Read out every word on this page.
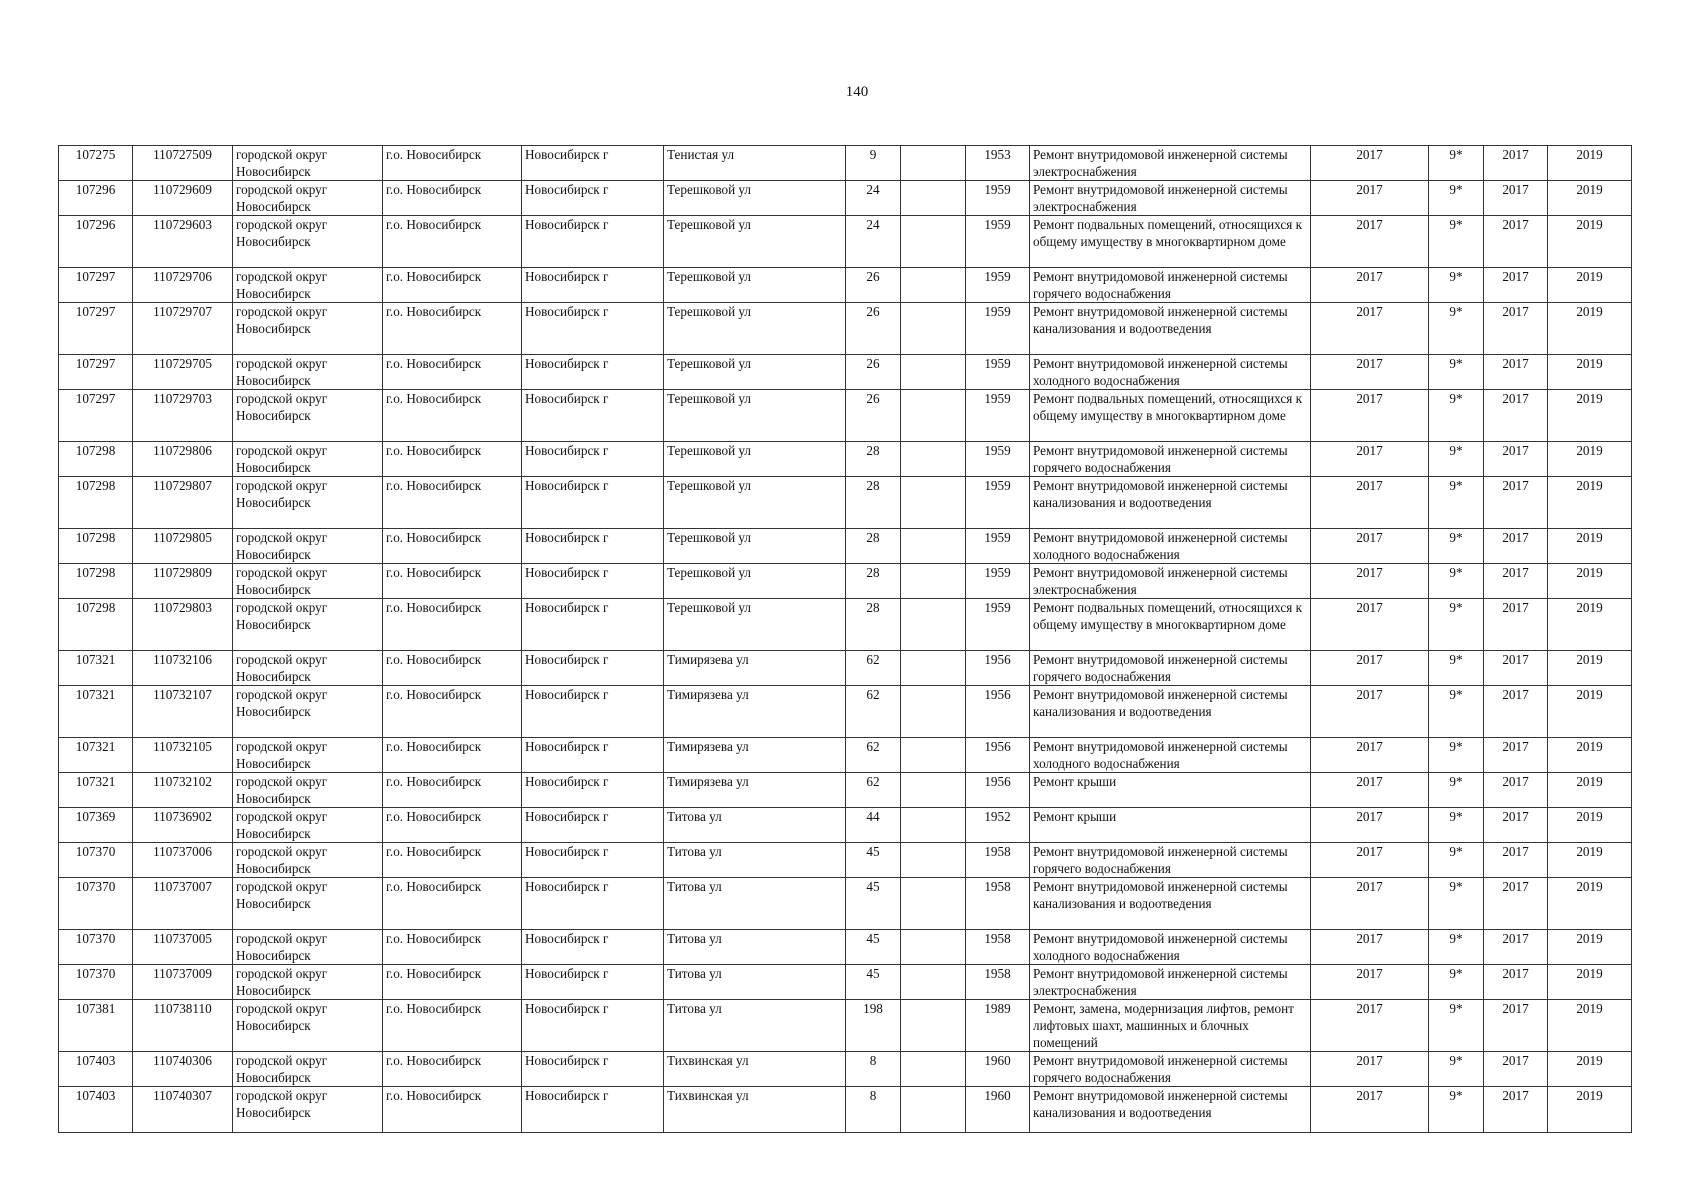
140
107275	110727509	городской округ Новосибирск	г.о. Новосибирск	Новосибирск г	Тенистая ул	9		1953	Ремонт внутридомовой инженерной системы электроснабжения	2017	9*	2017	2019
107296	110729609	городской округ Новосибирск	г.о. Новосибирск	Новосибирск г	Терешковой ул	24		1959	Ремонт внутридомовой инженерной системы электроснабжения	2017	9*	2017	2019
107296	110729603	городской округ Новосибирск	г.о. Новосибирск	Новосибирск г	Терешковой ул	24		1959	Ремонт подвальных помещений, относящихся к общему имуществу в многоквартирном доме	2017	9*	2017	2019
107297	110729706	городской округ Новосибирск	г.о. Новосибирск	Новосибирск г	Терешковой ул	26		1959	Ремонт внутридомовой инженерной системы горячего водоснабжения	2017	9*	2017	2019
107297	110729707	городской округ Новосибирск	г.о. Новосибирск	Новосибирск г	Терешковой ул	26		1959	Ремонт внутридомовой инженерной системы канализования и водоотведения	2017	9*	2017	2019
107297	110729705	городской округ Новосибирск	г.о. Новосибирск	Новосибирск г	Терешковой ул	26		1959	Ремонт внутридомовой инженерной системы холодного водоснабжения	2017	9*	2017	2019
107297	110729703	городской округ Новосибирск	г.о. Новосибирск	Новосибирск г	Терешковой ул	26		1959	Ремонт подвальных помещений, относящихся к общему имуществу в многоквартирном доме	2017	9*	2017	2019
107298	110729806	городской округ Новосибирск	г.о. Новосибирск	Новосибирск г	Терешковой ул	28		1959	Ремонт внутридомовой инженерной системы горячего водоснабжения	2017	9*	2017	2019
107298	110729807	городской округ Новосибирск	г.о. Новосибирск	Новосибирск г	Терешковой ул	28		1959	Ремонт внутридомовой инженерной системы канализования и водоотведения	2017	9*	2017	2019
107298	110729805	городской округ Новосибирск	г.о. Новосибирск	Новосибирск г	Терешковой ул	28		1959	Ремонт внутридомовой инженерной системы холодного водоснабжения	2017	9*	2017	2019
107298	110729809	городской округ Новосибирск	г.о. Новосибирск	Новосибирск г	Терешковой ул	28		1959	Ремонт внутридомовой инженерной системы электроснабжения	2017	9*	2017	2019
107298	110729803	городской округ Новосибирск	г.о. Новосибирск	Новосибирск г	Терешковой ул	28		1959	Ремонт подвальных помещений, относящихся к общему имуществу в многоквартирном доме	2017	9*	2017	2019
107321	110732106	городской округ Новосибирск	г.о. Новосибирск	Новосибирск г	Тимирязева ул	62		1956	Ремонт внутридомовой инженерной системы горячего водоснабжения	2017	9*	2017	2019
107321	110732107	городской округ Новосибирск	г.о. Новосибирск	Новосибирск г	Тимирязева ул	62		1956	Ремонт внутридомовой инженерной системы канализования и водоотведения	2017	9*	2017	2019
107321	110732105	городской округ Новосибирск	г.о. Новосибирск	Новосибирск г	Тимирязева ул	62		1956	Ремонт внутридомовой инженерной системы холодного водоснабжения	2017	9*	2017	2019
107321	110732102	городской округ Новосибирск	г.о. Новосибирск	Новосибирск г	Тимирязева ул	62		1956	Ремонт крыши	2017	9*	2017	2019
107369	110736902	городской округ Новосибирск	г.о. Новосибирск	Новосибирск г	Титова ул	44		1952	Ремонт крыши	2017	9*	2017	2019
107370	110737006	городской округ Новосибирск	г.о. Новосибирск	Новосибирск г	Титова ул	45		1958	Ремонт внутридомовой инженерной системы горячего водоснабжения	2017	9*	2017	2019
107370	110737007	городской округ Новосибирск	г.о. Новосибирск	Новосибирск г	Титова ул	45		1958	Ремонт внутридомовой инженерной системы канализования и водоотведения	2017	9*	2017	2019
107370	110737005	городской округ Новосибирск	г.о. Новосибирск	Новосибирск г	Титова ул	45		1958	Ремонт внутридомовой инженерной системы холодного водоснабжения	2017	9*	2017	2019
107370	110737009	городской округ Новосибирск	г.о. Новосибирск	Новосибирск г	Титова ул	45		1958	Ремонт внутридомовой инженерной системы электроснабжения	2017	9*	2017	2019
107381	110738110	городской округ Новосибирск	г.о. Новосибирск	Новосибирск г	Титова ул	198		1989	Ремонт, замена, модернизация лифтов, ремонт лифтовых шахт, машинных и блочных помещений	2017	9*	2017	2019
107403	110740306	городской округ Новосибирск	г.о. Новосибирск	Новосибирск г	Тихвинская ул	8		1960	Ремонт внутридомовой инженерной системы горячего водоснабжения	2017	9*	2017	2019
107403	110740307	городской округ Новосибирск	г.о. Новосибирск	Новосибирск г	Тихвинская ул	8		1960	Ремонт внутридомовой инженерной системы канализования и водоотведения	2017	9*	2017	2019
